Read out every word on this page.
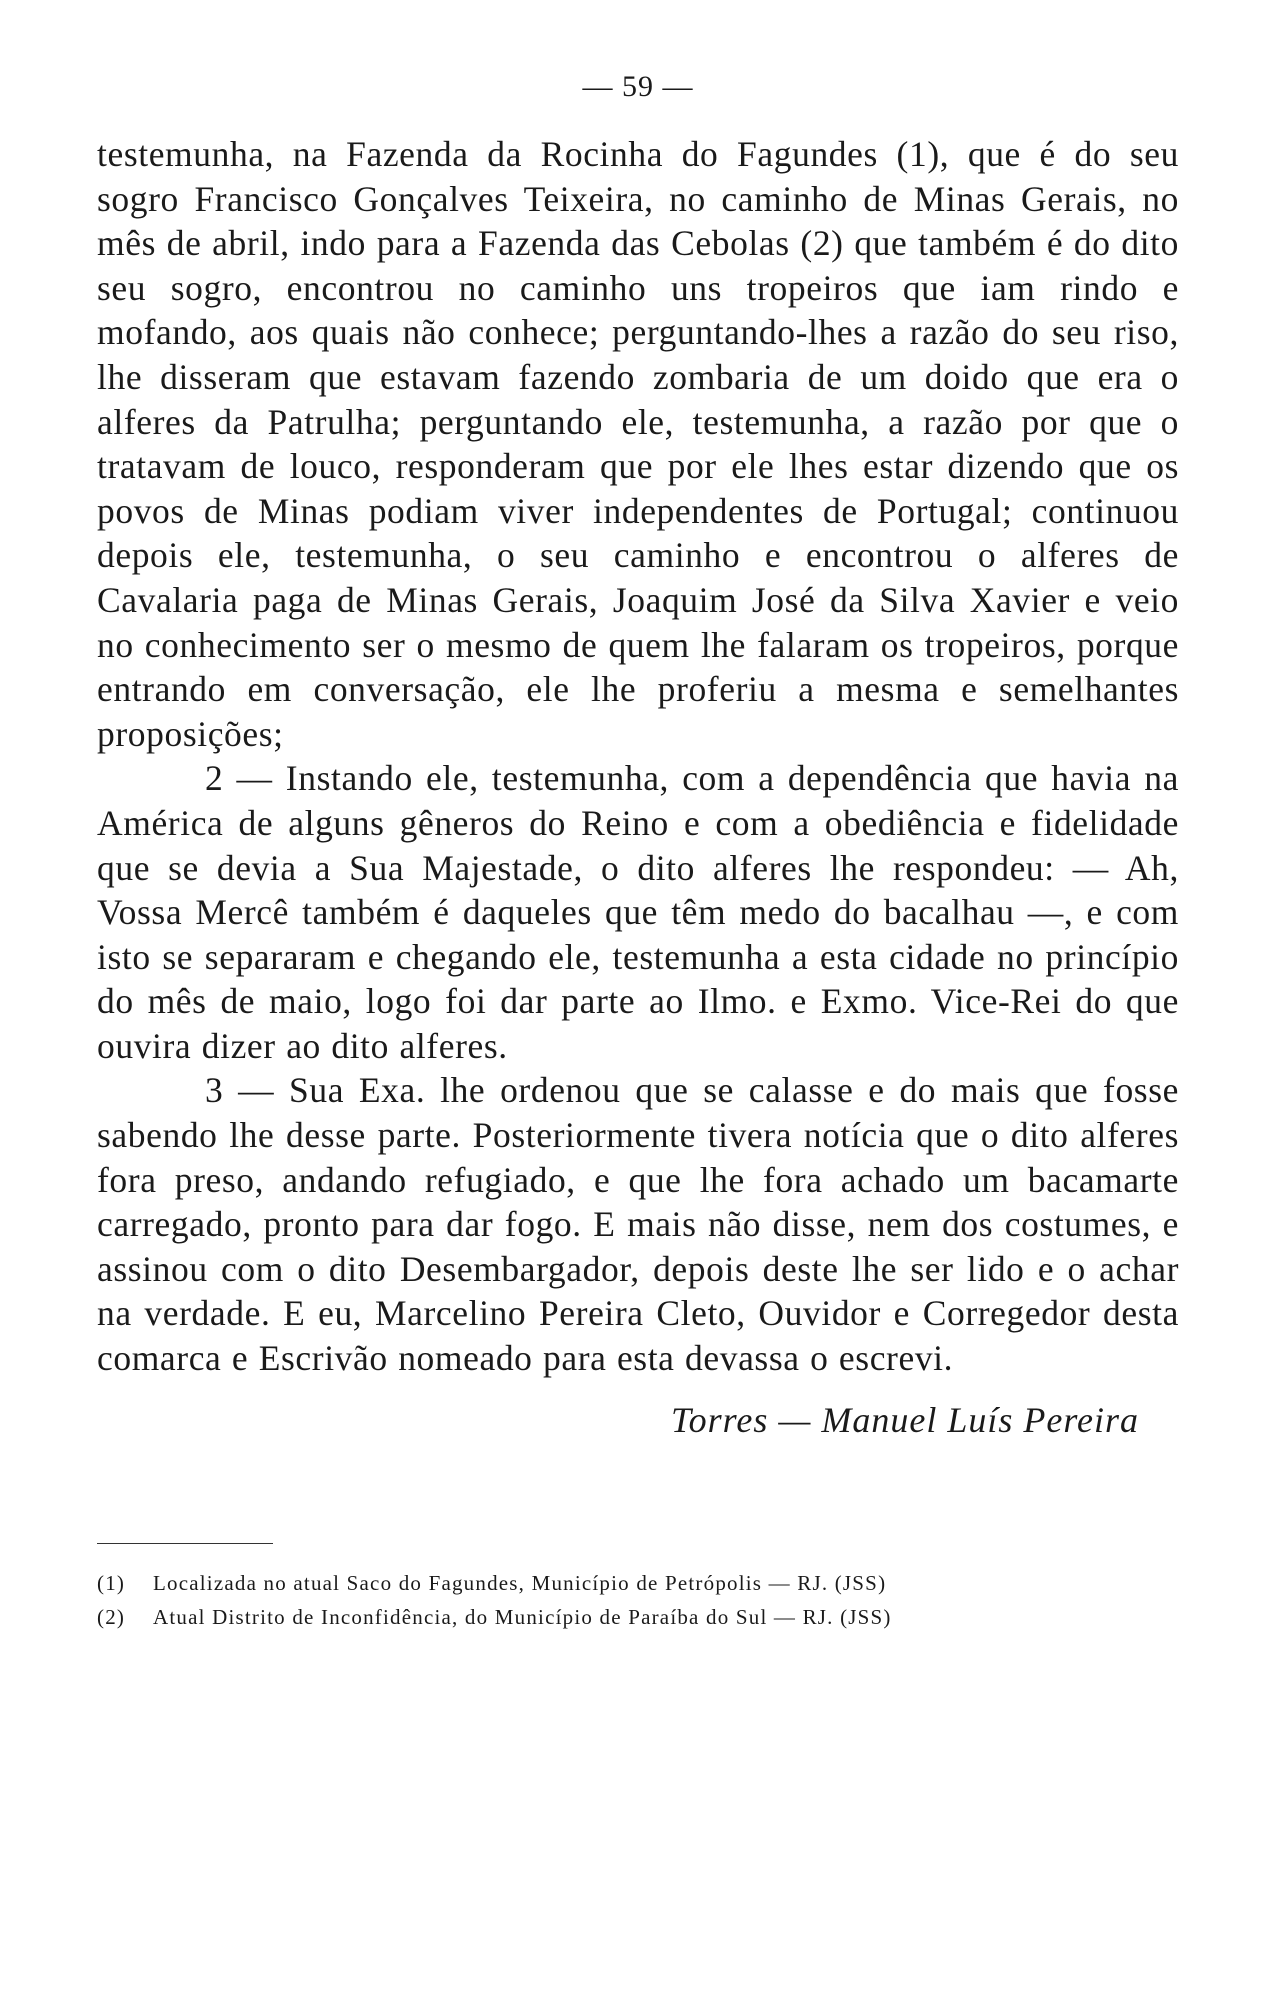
— 59 —

testemunha, na Fazenda da Rocinha do Fagundes (1), que é do seu sogro Francisco Gonçalves Teixeira, no caminho de Minas Gerais, no mês de abril, indo para a Fazenda das Cebolas (2) que também é do dito seu sogro, encontrou no caminho uns tropeiros que iam rindo e mofando, aos quais não conhece; perguntando-lhes a razão do seu riso, lhe disseram que estavam fazendo zombaria de um doido que era o alferes da Patrulha; perguntando ele, testemunha, a razão por que o tratavam de louco, responderam que por ele lhes estar dizendo que os povos de Minas podiam viver independentes de Portugal; continuou depois ele, testemunha, o seu caminho e encontrou o alferes de Cavalaria paga de Minas Gerais, Joaquim José da Silva Xavier e veio no conhecimento ser o mesmo de quem lhe falaram os tropeiros, porque entrando em conversação, ele lhe proferiu a mesma e semelhantes proposições;

2 — Instando ele, testemunha, com a dependência que havia na América de alguns gêneros do Reino e com a obediência e fidelidade que se devia a Sua Majestade, o dito alferes lhe respondeu: — Ah, Vossa Mercê também é daqueles que têm medo do bacalhau —, e com isto se separaram e chegando ele, testemunha a esta cidade no princípio do mês de maio, logo foi dar parte ao Ilmo. e Exmo. Vice-Rei do que ouvira dizer ao dito alferes.

3 — Sua Exa. lhe ordenou que se calasse e do mais que fosse sabendo lhe desse parte. Posteriormente tivera notícia que o dito alferes fora preso, andando refugiado, e que lhe fora achado um bacamarte carregado, pronto para dar fogo. E mais não disse, nem dos costumes, e assinou com o dito Desembargador, depois deste lhe ser lido e o achar na verdade. E eu, Marcelino Pereira Cleto, Ouvidor e Corregedor desta comarca e Escrivão nomeado para esta devassa o escrevi.

Torres — Manuel Luís Pereira
(1)	Localizada no atual Saco do Fagundes, Município de Petrópolis — RJ. (JSS)
(2)	Atual Distrito de Inconfidência, do Município de Paraíba do Sul — RJ. (JSS)
